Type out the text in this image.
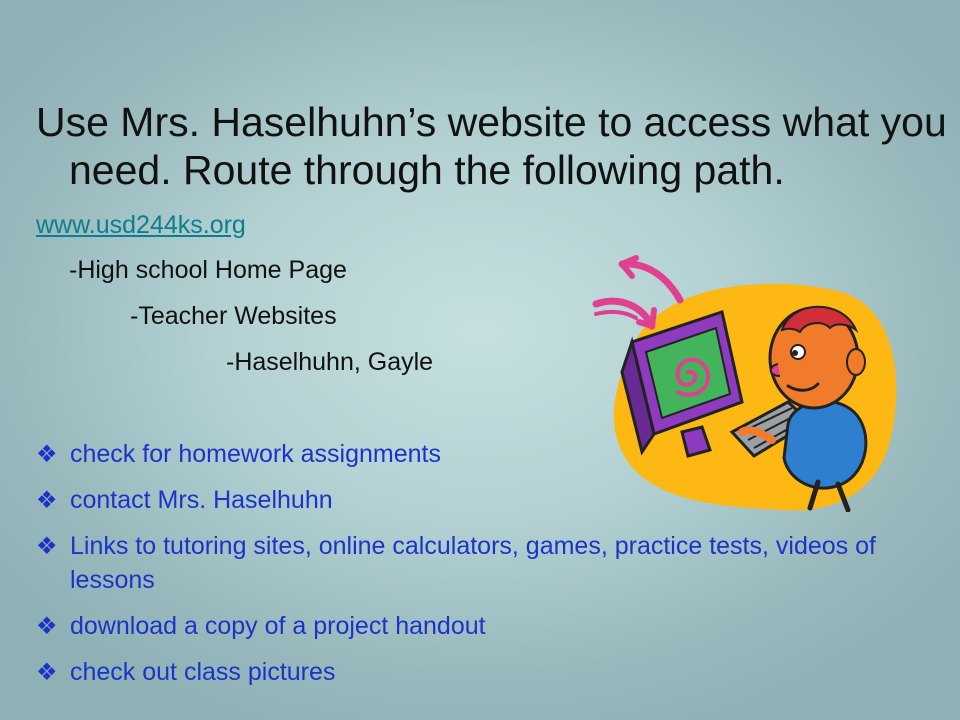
Use Mrs. Haselhuhn’s website to access what you need. Route through the following path.
www.usd244ks.org
-High school Home Page
-Teacher Websites
-Haselhuhn, Gayle
❖ check for homework assignments
❖ contact Mrs. Haselhuhn
❖ Links to tutoring sites, online calculators, games, practice tests, videos of lessons
❖ download a copy of a project handout
❖ check out class pictures
